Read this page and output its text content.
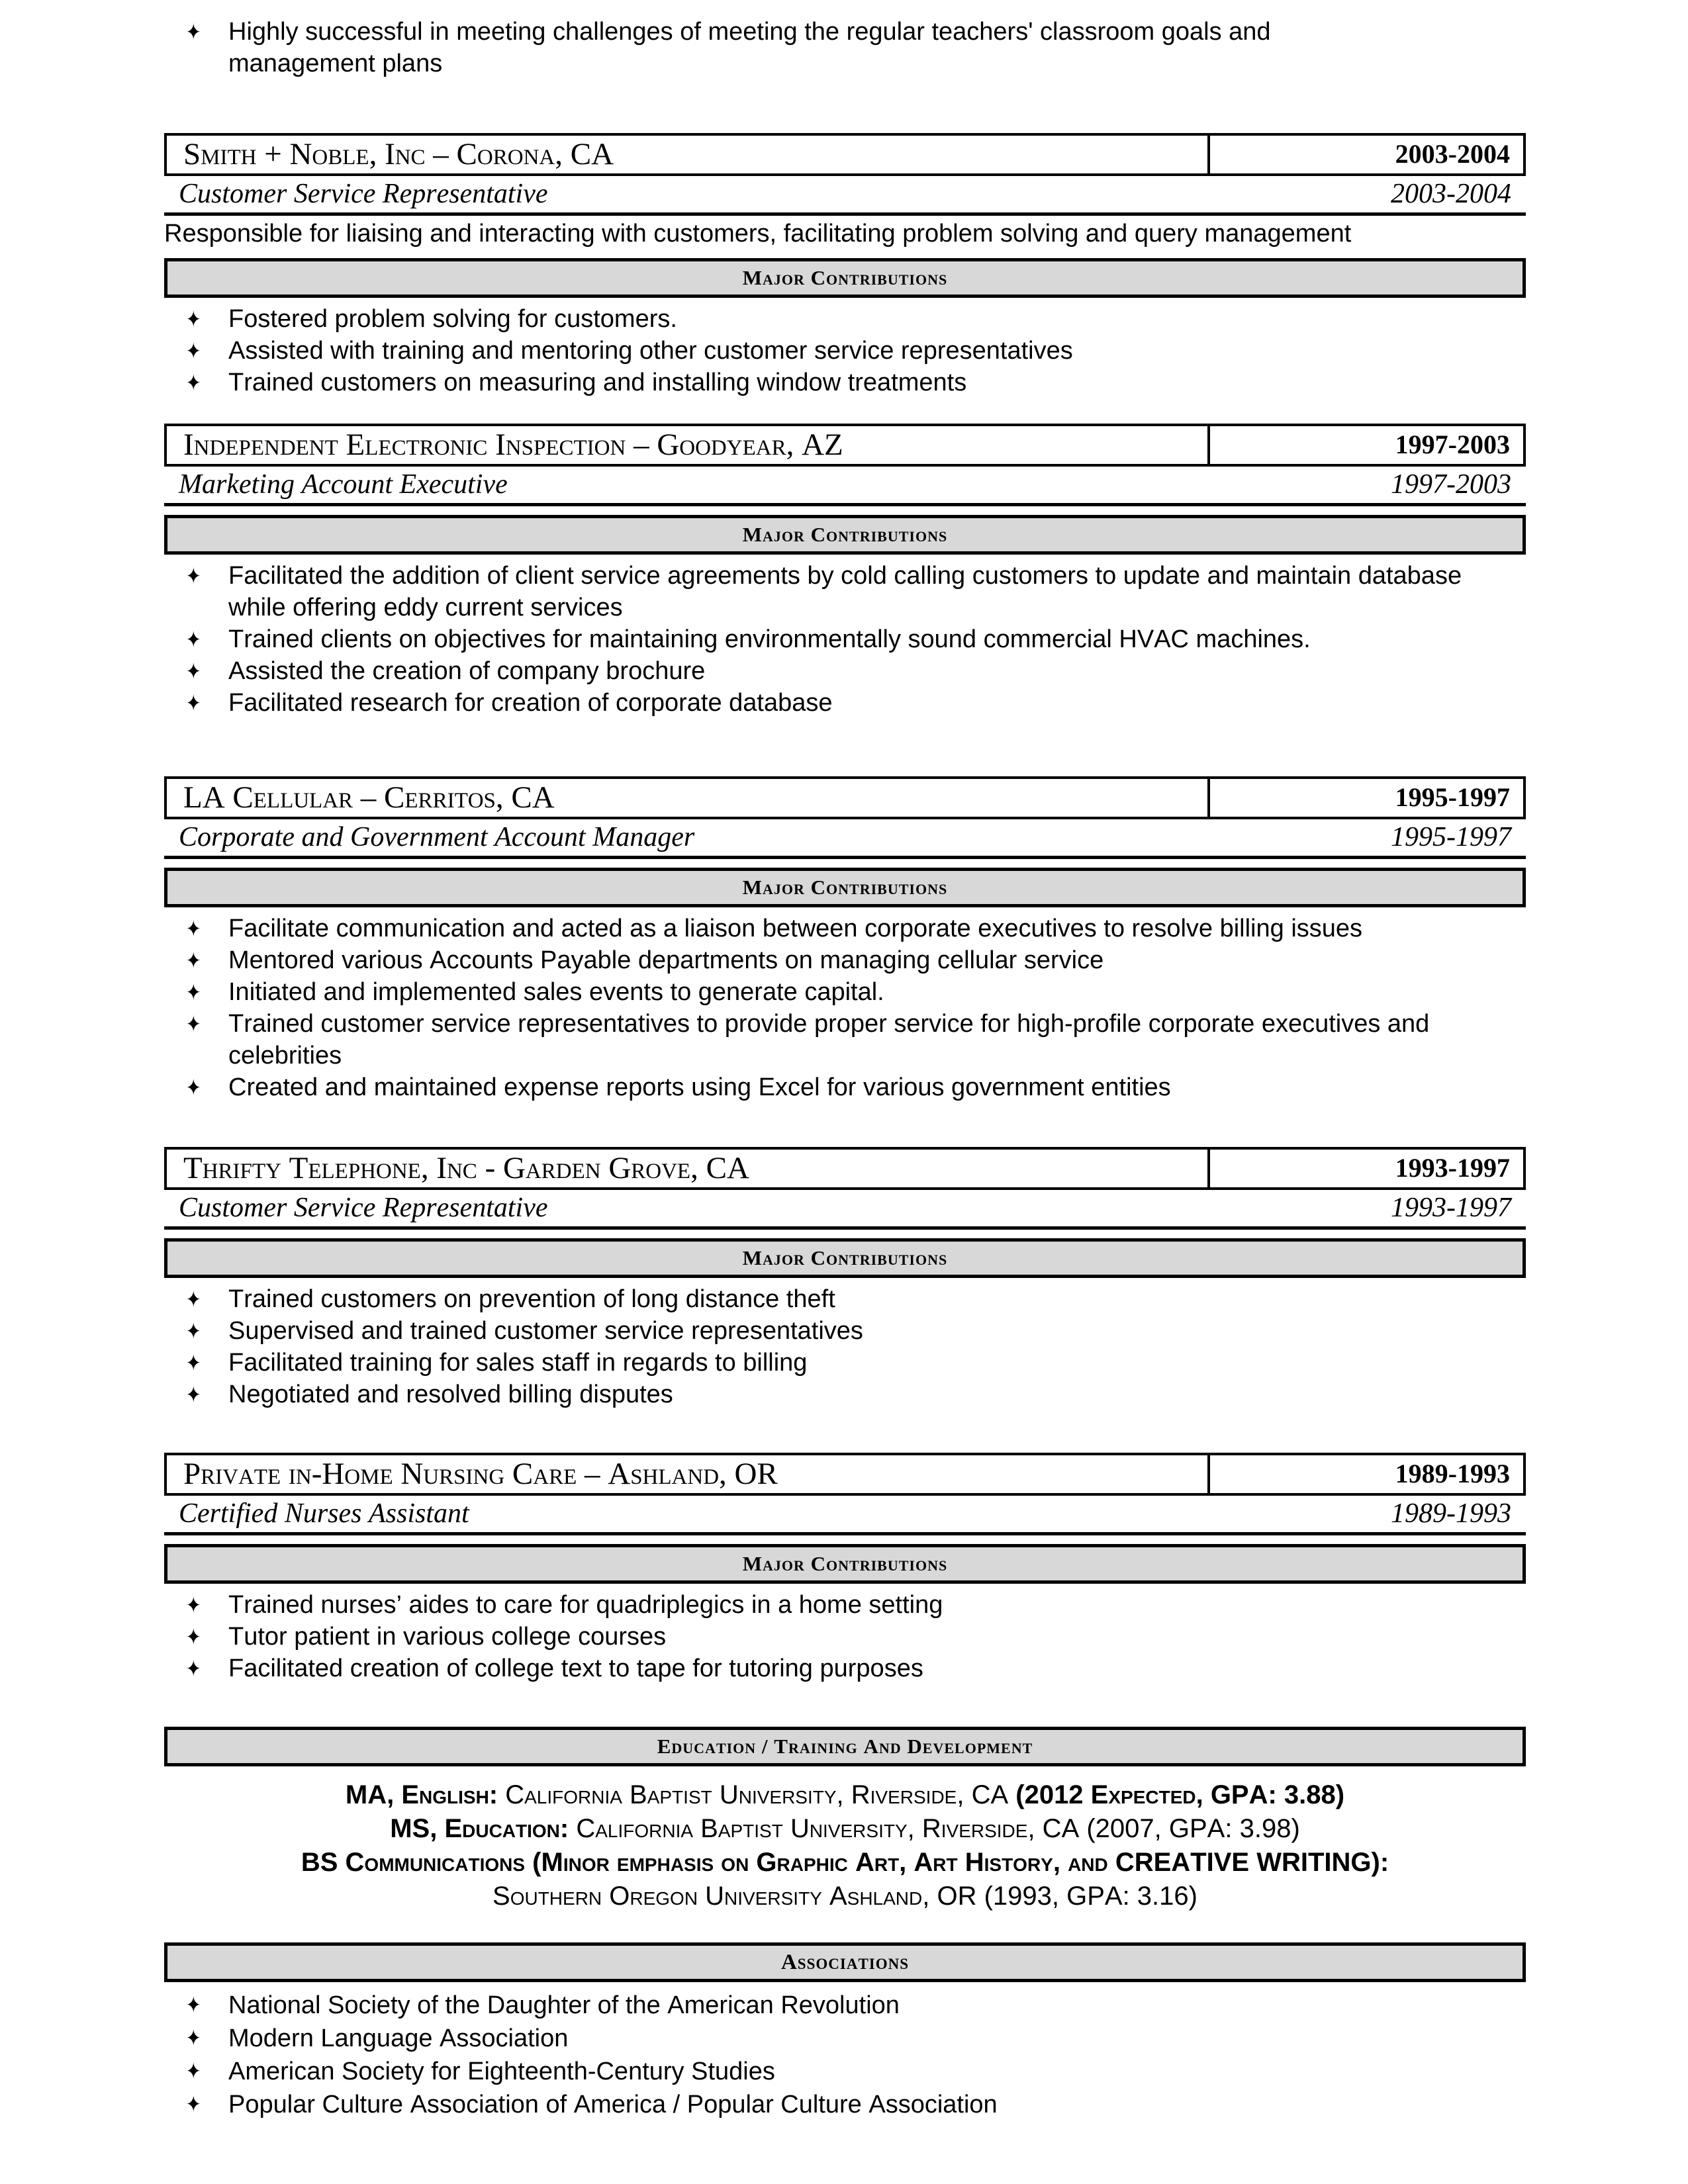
✦ Highly successful in meeting challenges of meeting the regular teachers' classroom goals and management plans
Smith + Noble, Inc – Corona, CA	2003-2004
Customer Service Representative	2003-2004
Responsible for liaising and interacting with customers, facilitating problem solving and query management
Major Contributions
✦ Fostered problem solving for customers.
✦ Assisted with training and mentoring other customer service representatives
✦ Trained customers on measuring and installing window treatments
Independent Electronic Inspection – Goodyear, AZ	1997-2003
Marketing Account Executive	1997-2003
Major Contributions
✦ Facilitated the addition of client service agreements by cold calling customers to update and maintain database while offering eddy current services
✦ Trained clients on objectives for maintaining environmentally sound commercial HVAC machines.
✦ Assisted the creation of company brochure
✦ Facilitated research for creation of corporate database
LA Cellular – Cerritos, CA	1995-1997
Corporate and Government Account Manager	1995-1997
Major Contributions
✦ Facilitate communication and acted as a liaison between corporate executives to resolve billing issues
✦ Mentored various Accounts Payable departments on managing cellular service
✦ Initiated and implemented sales events to generate capital.
✦ Trained customer service representatives to provide proper service for high-profile corporate executives and celebrities
✦ Created and maintained expense reports using Excel for various government entities
Thrifty Telephone, Inc - Garden Grove, CA	1993-1997
Customer Service Representative	1993-1997
Major Contributions
✦ Trained customers on prevention of long distance theft
✦ Supervised and trained customer service representatives
✦ Facilitated training for sales staff in regards to billing
✦ Negotiated and resolved billing disputes
Private in-Home Nursing Care – Ashland, OR	1989-1993
Certified Nurses Assistant	1989-1993
Major Contributions
✦ Trained nurses’ aides to care for quadriplegics in a home setting
✦ Tutor patient in various college courses
✦ Facilitated creation of college text to tape for tutoring purposes
Education / Training And Development
MA, English: California Baptist University, Riverside, CA (2012 Expected, GPA: 3.88)
MS, Education: California Baptist University, Riverside, CA (2007, GPA: 3.98)
BS Communications (Minor emphasis on Graphic Art, Art History, and CREATIVE WRITING):
Southern Oregon University Ashland, OR (1993, GPA: 3.16)
Associations
✦ National Society of the Daughter of the American Revolution
✦ Modern Language Association
✦ American Society for Eighteenth-Century Studies
✦ Popular Culture Association of America / Popular Culture Association
